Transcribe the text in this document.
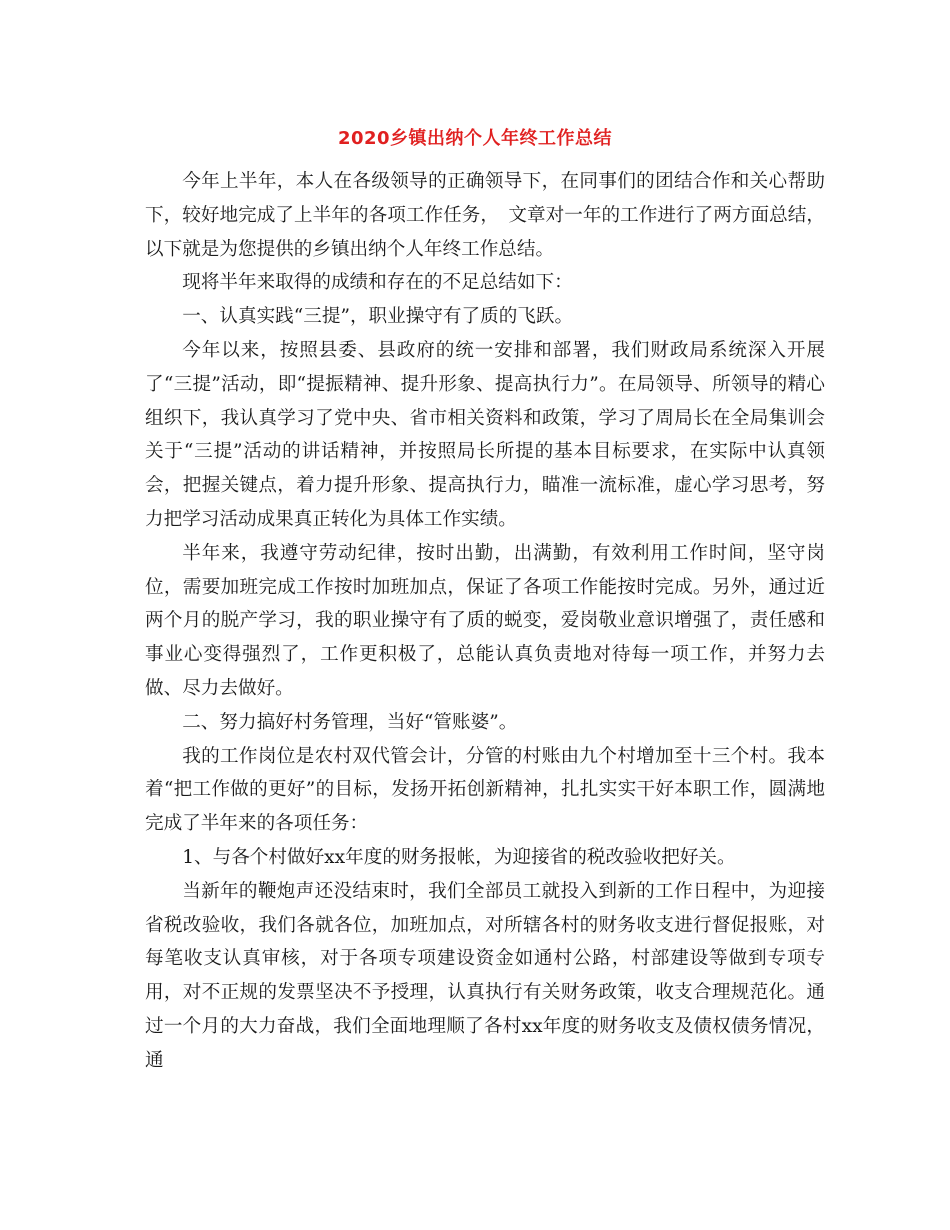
2020乡镇出纳个人年终工作总结

今年上半年，本人在各级领导的正确领导下，在同事们的团结合作和关心帮助下，较好地完成了上半年的各项工作任务，　文章对一年的工作进行了两方面总结，以下就是为您提供的乡镇出纳个人年终工作总结。

现将半年来取得的成绩和存在的不足总结如下：

一、认真实践“三提”，职业操守有了质的飞跃。

今年以来，按照县委、县政府的统一安排和部署，我们财政局系统深入开展了“三提”活动，即“提振精神、提升形象、提高执行力”。在局领导、所领导的精心组织下，我认真学习了党中央、省市相关资料和政策，学习了周局长在全局集训会关于“三提”活动的讲话精神，并按照局长所提的基本目标要求，在实际中认真领会，把握关键点，着力提升形象、提高执行力，瞄准一流标准，虚心学习思考，努力把学习活动成果真正转化为具体工作实绩。

半年来，我遵守劳动纪律，按时出勤，出满勤，有效利用工作时间，坚守岗位，需要加班完成工作按时加班加点，保证了各项工作能按时完成。另外，通过近两个月的脱产学习，我的职业操守有了质的蜕变，爱岗敬业意识增强了，责任感和事业心变得强烈了，工作更积极了，总能认真负责地对待每一项工作，并努力去做、尽力去做好。

二、努力搞好村务管理，当好“管账婆”。

我的工作岗位是农村双代管会计，分管的村账由九个村增加至十三个村。我本着“把工作做的更好”的目标，发扬开拓创新精神，扎扎实实干好本职工作，圆满地完成了半年来的各项任务：

1、与各个村做好xx年度的财务报帐，为迎接省的税改验收把好关。

当新年的鞭炮声还没结束时，我们全部员工就投入到新的工作日程中，为迎接省税改验收，我们各就各位，加班加点，对所辖各村的财务收支进行督促报账，对每笔收支认真审核，对于各项专项建设资金如通村公路，村部建设等做到专项专用，对不正规的发票坚决不予授理，认真执行有关财务政策，收支合理规范化。通过一个月的大力奋战，我们全面地理顺了各村xx年度的财务收支及债权债务情况，通
